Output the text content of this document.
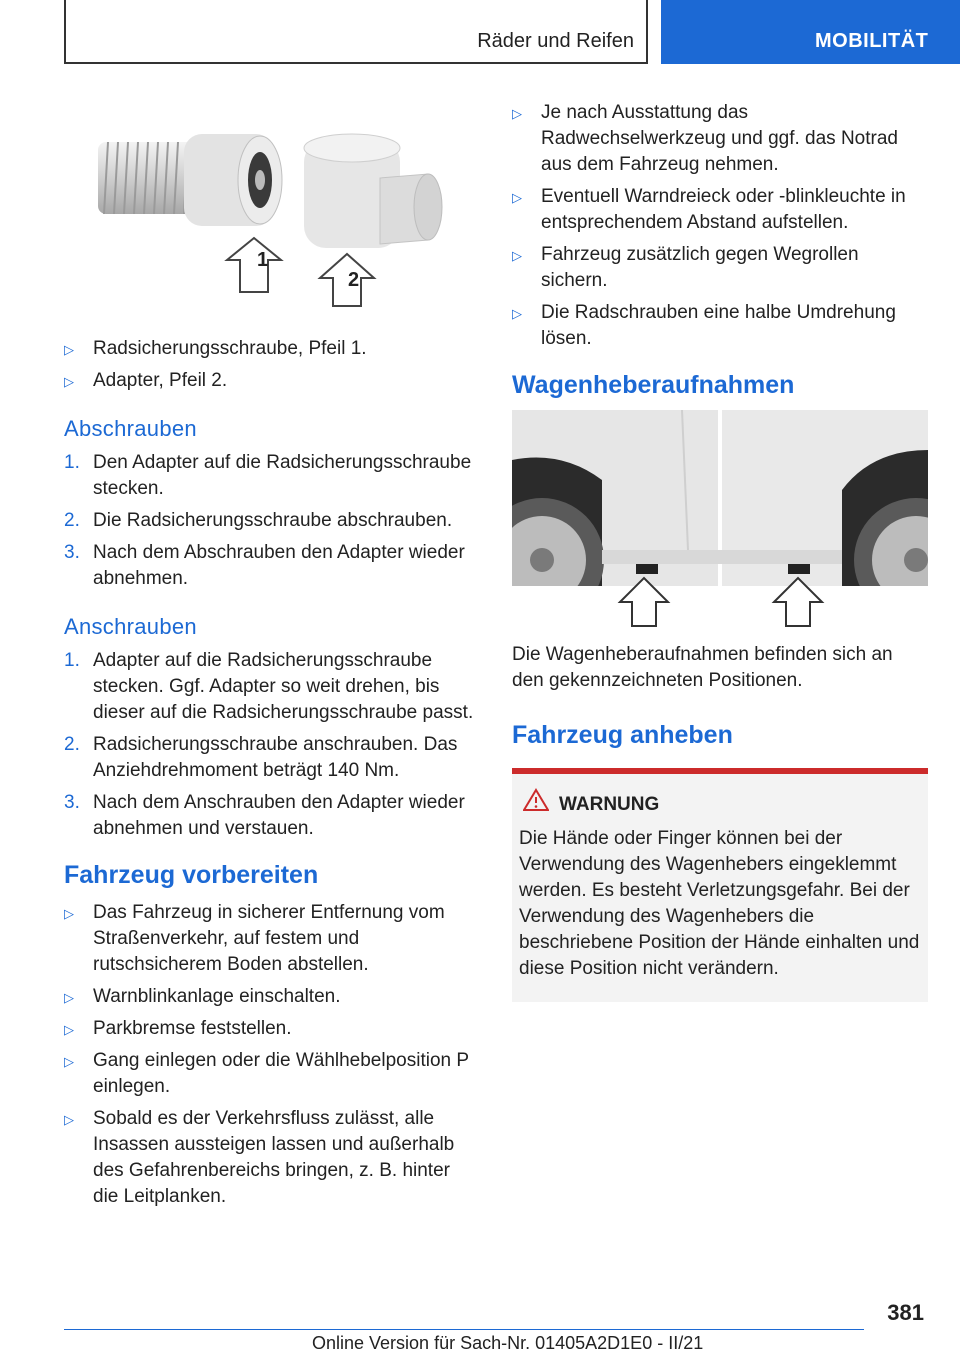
Räder und Reifen	MOBILITÄT
1
2
▷ Radsicherungsschraube, Pfeil 1.
▷ Adapter, Pfeil 2.
Abschrauben
1. Den Adapter auf die Radsicherungsschraube stecken.
2. Die Radsicherungsschraube abschrauben.
3. Nach dem Abschrauben den Adapter wieder abnehmen.
Anschrauben
1. Adapter auf die Radsicherungsschraube stecken. Ggf. Adapter so weit drehen, bis dieser auf die Radsicherungsschraube passt.
2. Radsicherungsschraube anschrauben. Das Anziehdrehmoment beträgt 140 Nm.
3. Nach dem Anschrauben den Adapter wieder abnehmen und verstauen.
Fahrzeug vorbereiten
▷ Das Fahrzeug in sicherer Entfernung vom Straßenverkehr, auf festem und rutschsicherem Boden abstellen.
▷ Warnblinkanlage einschalten.
▷ Parkbremse feststellen.
▷ Gang einlegen oder die Wählhebelposition P einlegen.
▷ Sobald es der Verkehrsfluss zulässt, alle Insassen aussteigen lassen und außerhalb des Gefahrenbereichs bringen, z. B. hinter die Leitplanken.
▷ Je nach Ausstattung das Radwechselwerkzeug und ggf. das Notrad aus dem Fahrzeug nehmen.
▷ Eventuell Warndreieck oder -blinkleuchte in entsprechendem Abstand aufstellen.
▷ Fahrzeug zusätzlich gegen Wegrollen sichern.
▷ Die Radschrauben eine halbe Umdrehung lösen.
Wagenheberaufnahmen
Die Wagenheberaufnahmen befinden sich an den gekennzeichneten Positionen.
Fahrzeug anheben
WARNUNG
Die Hände oder Finger können bei der Verwendung des Wagenhebers eingeklemmt werden. Es besteht Verletzungsgefahr. Bei der Verwendung des Wagenhebers die beschriebene Position der Hände einhalten und diese Position nicht verändern.
381
Online Version für Sach-Nr. 01405A2D1E0 - II/21
